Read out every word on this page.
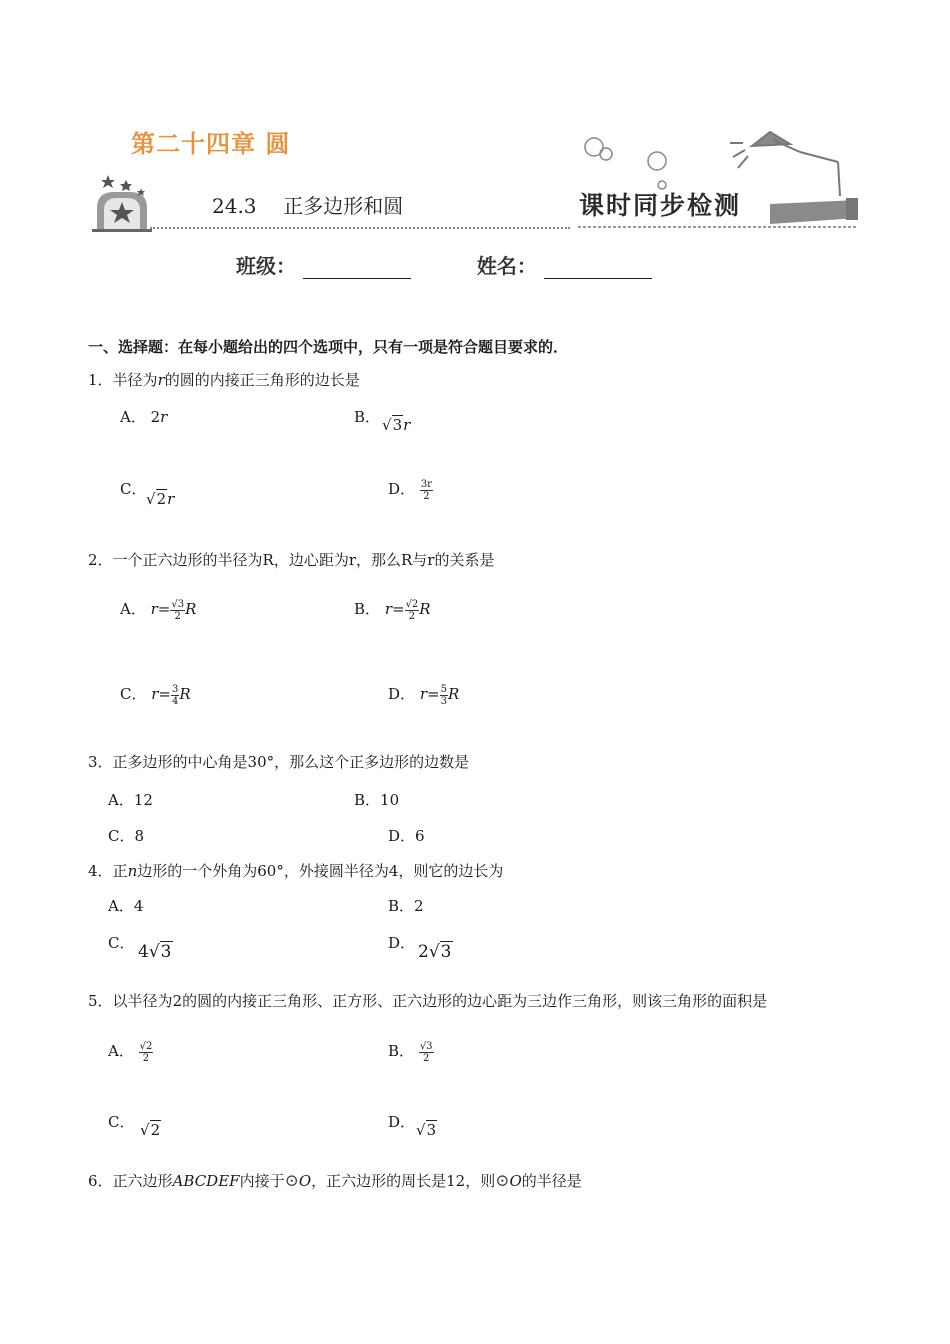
第二十四章 圆
24.3 正多边形和圆	课时同步检测
班级：	姓名：
一、选择题：在每小题给出的四个选项中，只有一项是符合题目要求的．
1．半径为r的圆的内接正三角形的边长是
A． 2r	B． √3r
C．
√2r
D． $\frac{3r}{2}$
2．一个正六边形的半径为R，边心距为r，那么R与r的关系是
A． $r= \frac{√3}{2}$ R	B． $r= \frac{√2}{2}$ R
C． $r= \frac{3}{4}$ R	D． $r= \frac{5}{3}$ R
3．正多边形的中心角是30°，那么这个正多边形的边数是
A．12	B．10
C．8	D．6
4．正n边形的一个外角为60°，外接圆半径为4，则它的边长为
A．4	B．2
C． 4√3	D． 2√3
5．以半径为2的圆的内接正三角形、正方形、正六边形的边心距为三边作三角形，则该三角形的面积是
A． $\frac{√2}{2}$	B． $\frac{√3}{2}$
C． √2	D． √3
6．正六边形ABCDEF内接于⊙O，正六边形的周长是12，则⊙O的半径是
